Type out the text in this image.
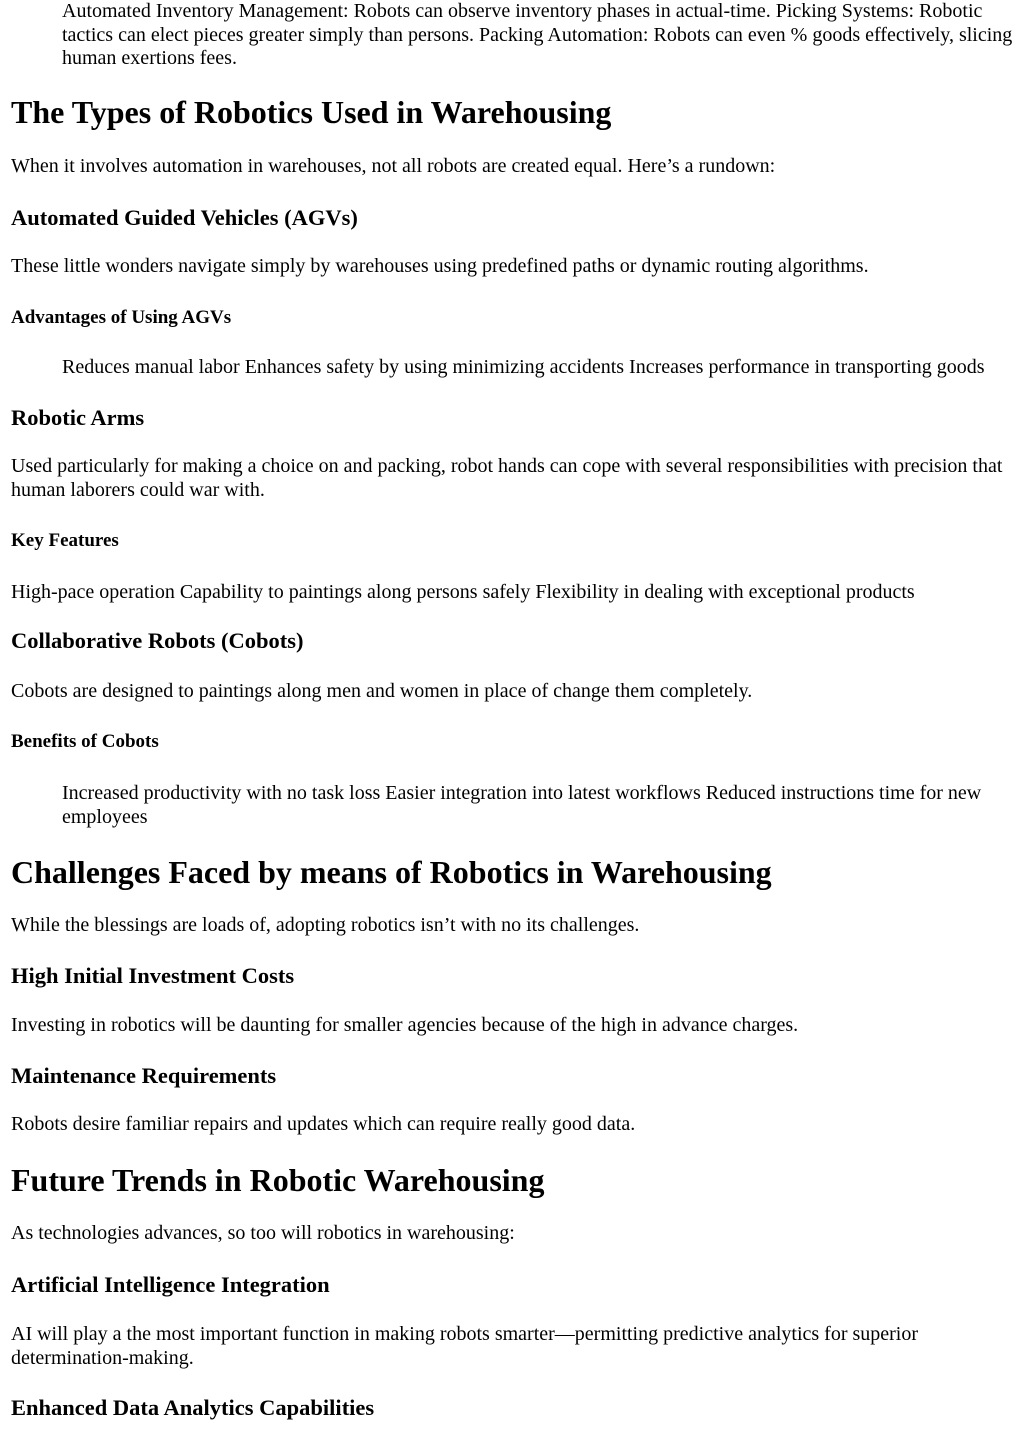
Automated Inventory Management: Robots can observe inventory phases in actual-time. Picking Systems: Robotic tactics can elect pieces greater simply than persons. Packing Automation: Robots can even % goods effectively, slicing human exertions fees.
The Types of Robotics Used in Warehousing

When it involves automation in warehouses, not all robots are created equal. Here’s a rundown:

Automated Guided Vehicles (AGVs)

These little wonders navigate simply by warehouses using predefined paths or dynamic routing algorithms.

Advantages of Using AGVs
Reduces manual labor Enhances safety by using minimizing accidents Increases performance in transporting goods
Robotic Arms

Used particularly for making a choice on and packing, robot hands can cope with several responsibilities with precision that human laborers could war with.

Key Features

High-pace operation Capability to paintings along persons safely Flexibility in dealing with exceptional products

Collaborative Robots (Cobots)

Cobots are designed to paintings along men and women in place of change them completely.

Benefits of Cobots
Increased productivity with no task loss Easier integration into latest workflows Reduced instructions time for new employees
Challenges Faced by means of Robotics in Warehousing

While the blessings are loads of, adopting robotics isn’t with no its challenges.

High Initial Investment Costs

Investing in robotics will be daunting for smaller agencies because of the high in advance charges.

Maintenance Requirements

Robots desire familiar repairs and updates which can require really good data.

Future Trends in Robotic Warehousing

As technologies advances, so too will robotics in warehousing:

Artificial Intelligence Integration

AI will play a the most important function in making robots smarter—permitting predictive analytics for superior determination-making.

Enhanced Data Analytics Capabilities
